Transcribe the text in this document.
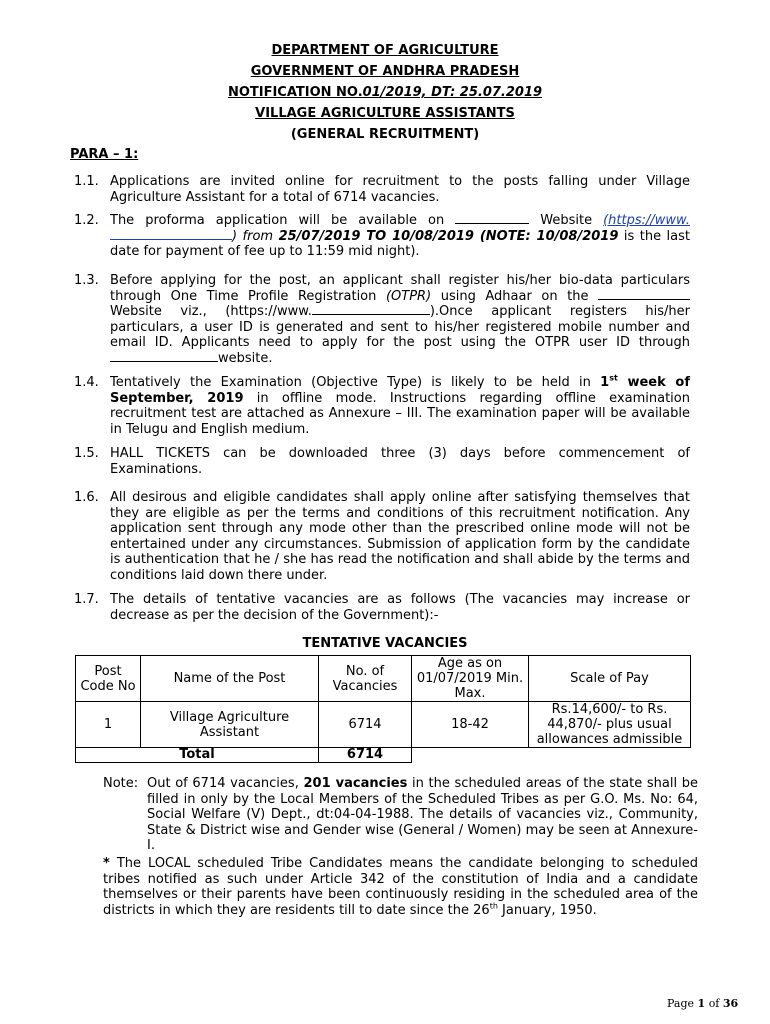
DEPARTMENT OF AGRICULTURE
GOVERNMENT OF ANDHRA PRADESH
NOTIFICATION NO.01/2019, DT: 25.07.2019
VILLAGE AGRICULTURE ASSISTANTS
(GENERAL RECRUITMENT)
PARA – 1:
1.1. Applications are invited online for recruitment to the posts falling under Village Agriculture Assistant for a total of 6714 vacancies.
1.2. The proforma application will be available on	Website (https://www.) from 25/07/2019 TO 10/08/2019 (NOTE: 10/08/2019 is the last date for payment of fee up to 11:59 mid night).
1.3. Before applying for the post, an applicant shall register his/her bio-data particulars through One Time Profile Registration (OTPR) using Adhaar on the  Website viz., (https://www.	).Once applicant registers his/her particulars, a user ID is generated and sent to his/her registered mobile number and email ID. Applicants need to apply for the post using the OTPR user ID through website.
1.4. Tentatively the Examination (Objective Type) is likely to be held in 1st week of September, 2019 in offline mode. Instructions regarding offline examination recruitment test are attached as Annexure – III. The examination paper will be available in Telugu and English medium.
1.5. HALL TICKETS can be downloaded three (3) days before commencement of Examinations.
1.6. All desirous and eligible candidates shall apply online after satisfying themselves that they are eligible as per the terms and conditions of this recruitment notification. Any application sent through any mode other than the prescribed online mode will not be entertained under any circumstances. Submission of application form by the candidate is authentication that he / she has read the notification and shall abide by the terms and conditions laid down there under.
1.7. The details of tentative vacancies are as follows (The vacancies may increase or decrease as per the decision of the Government):-
TENTATIVE VACANCIES
Post Code No	Name of the Post	No. of Vacancies	Age as on 01/07/2019 Min. Max.	Scale of Pay
1	Village Agriculture Assistant	6714	18-42	Rs.14,600/- to Rs. 44,870/- plus usual allowances admissible
Total		6714		
Note: Out of 6714 vacancies, 201 vacancies in the scheduled areas of the state shall be filled in only by the Local Members of the Scheduled Tribes as per G.O. Ms. No: 64, Social Welfare (V) Dept., dt:04-04-1988. The details of vacancies viz., Community, State & District wise and Gender wise (General / Women) may be seen at Annexure-I.
* The LOCAL scheduled Tribe Candidates means the candidate belonging to scheduled tribes notified as such under Article 342 of the constitution of India and a candidate themselves or their parents have been continuously residing in the scheduled area of the districts in which they are residents till to date since the 26th January, 1950.
Page 1 of 36
